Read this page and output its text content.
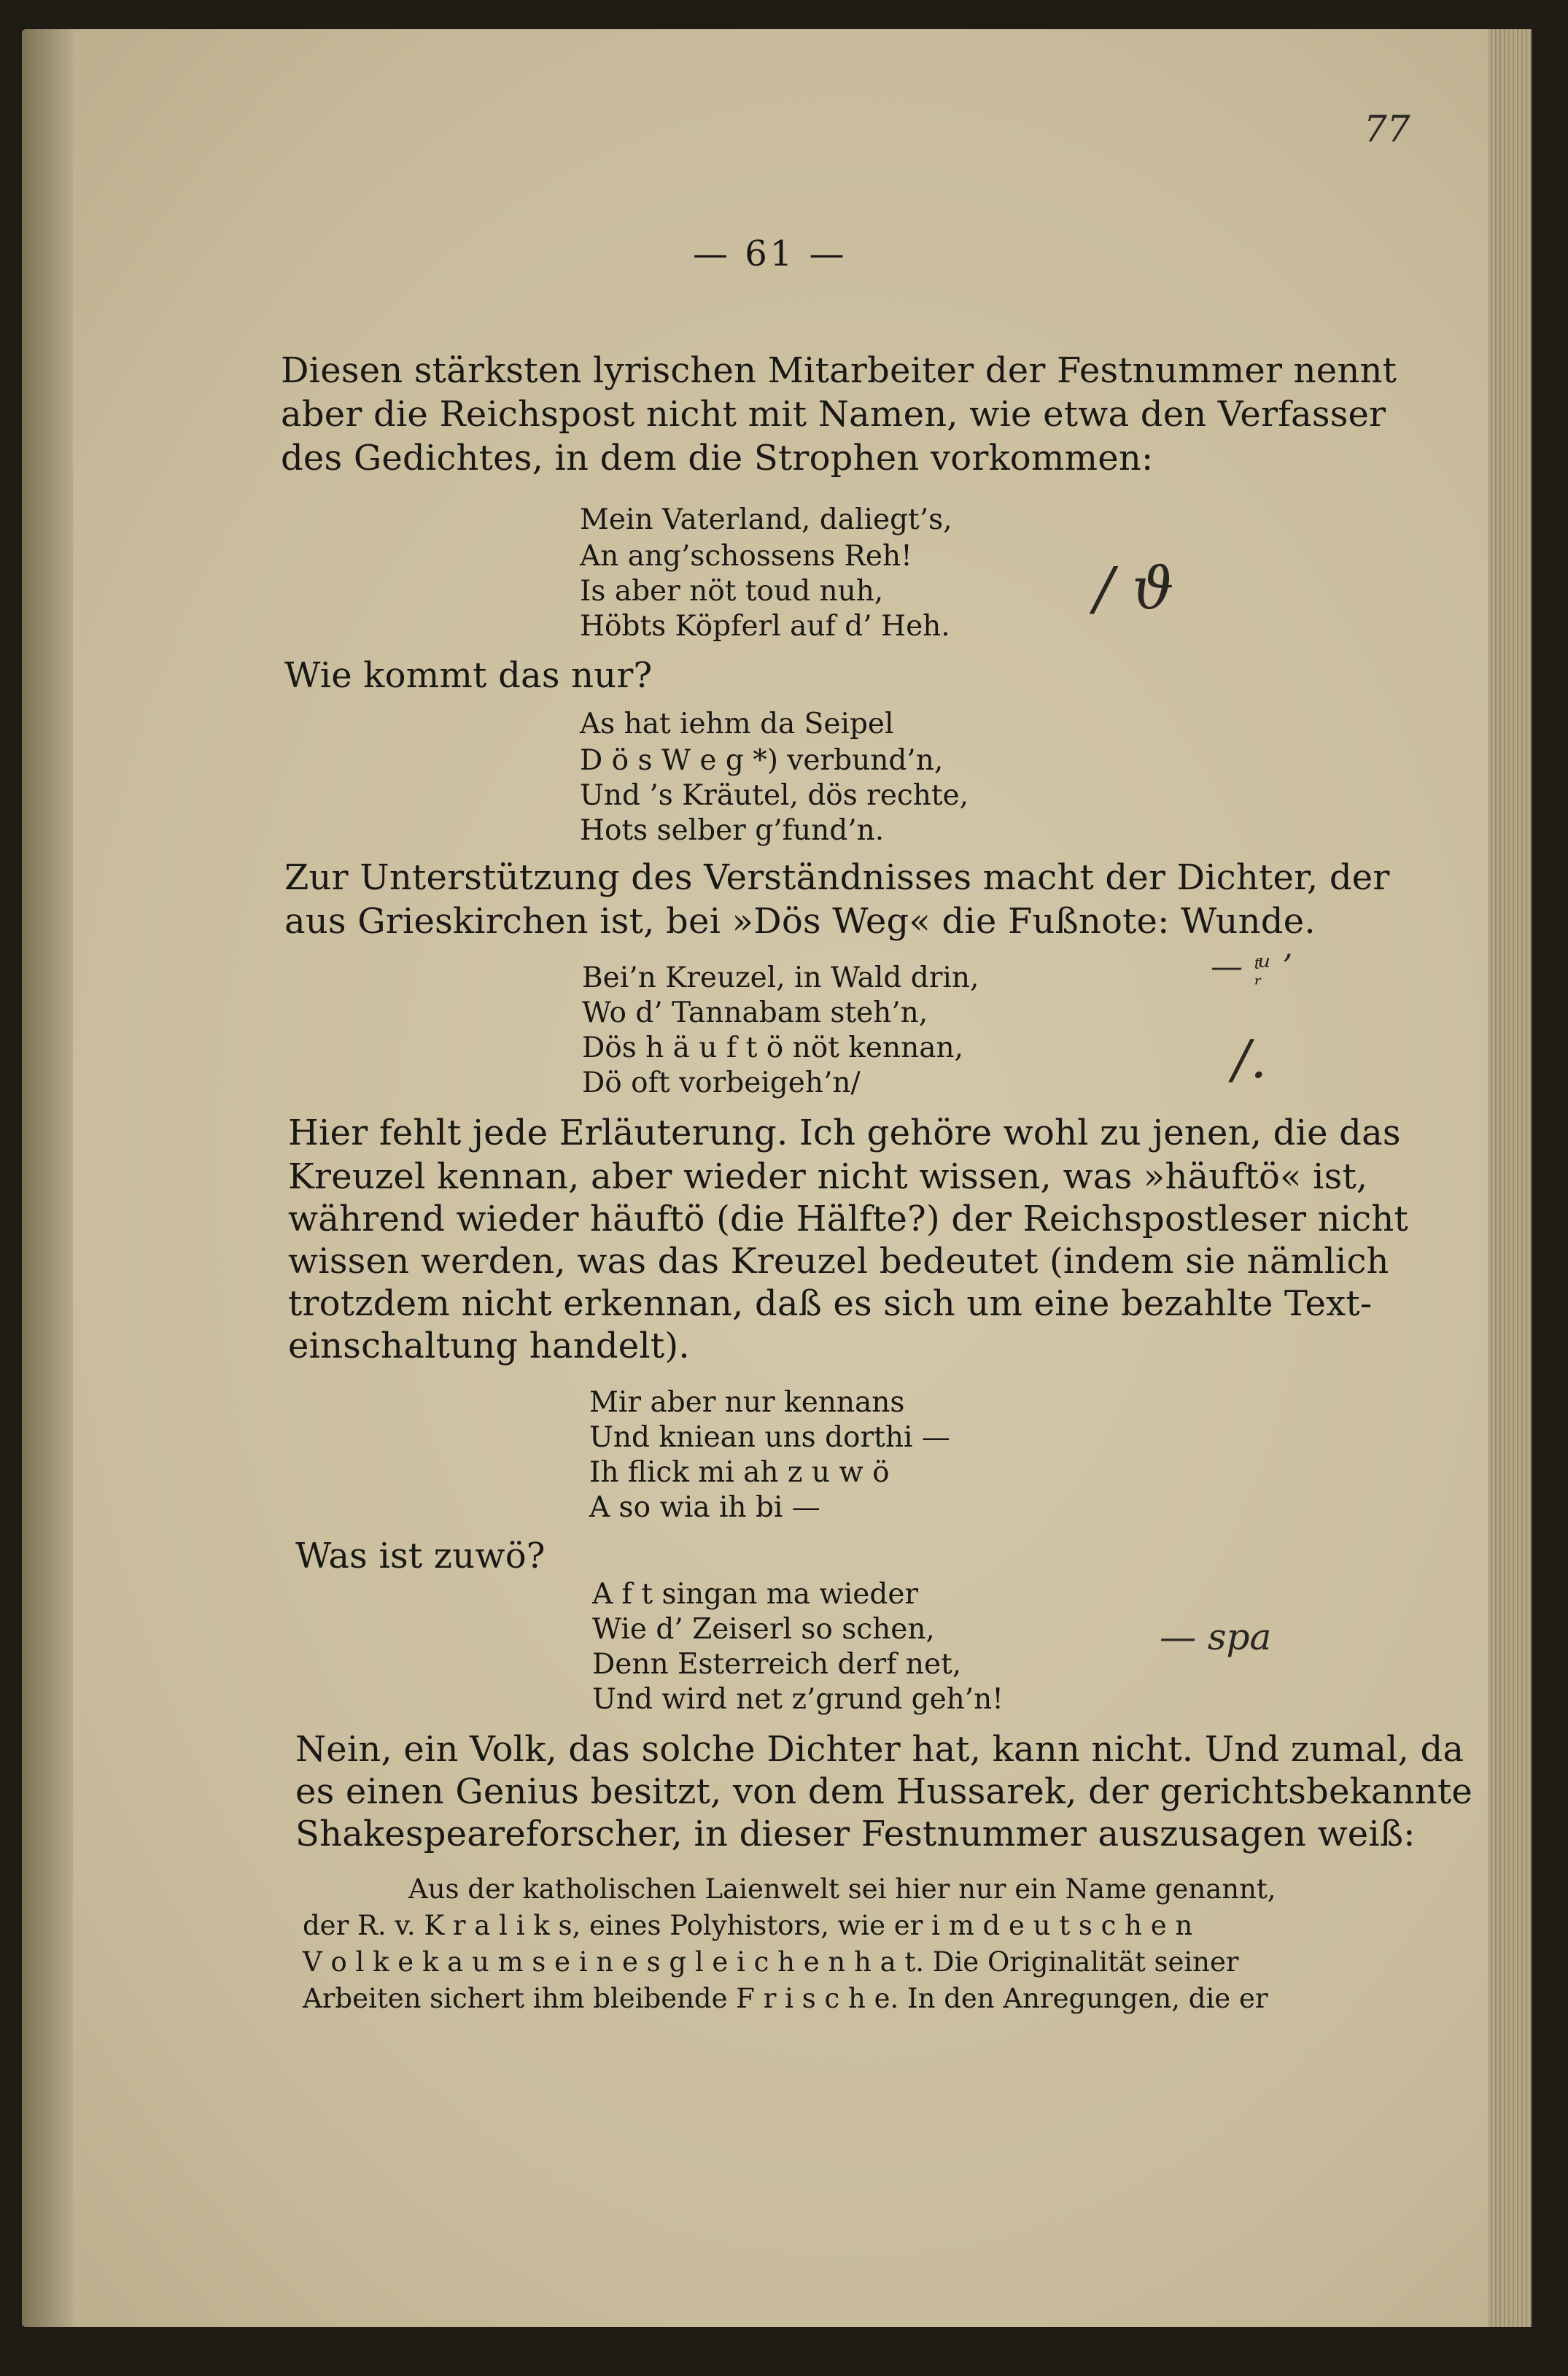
77
— 61 —
Diesen stärksten lyrischen Mitarbeiter der Festnummer nennt
aber die Reichspost nicht mit Namen, wie etwa den Verfasser
des Gedichtes, in dem die Strophen vorkommen:
Mein Vaterland, daliegt’s,
An ang’schossens Reh!
Is aber nöt toud nuh,
Höbts Köpferl auf d’ Heh.
/ ϑ
Wie kommt das nur?
As hat iehm da Seipel
D ö s W e g *) verbund’n,
Und ’s Kräutel, dös rechte,
Hots selber g’fund’n.
Zur Unterstützung des Verständnisses macht der Dichter, der
aus Grieskirchen ist, bei »Dös Weg« die Fußnote: Wunde.
Bei’n Kreuzel, in Wald drin,
Wo d’ Tannabam steh’n,
Dös h ä u f t ö nöt kennan,
Dö oft vorbeigeh’n/
— ᵗ᷊ᵘ ʼ
/.
Hier fehlt jede Erläuterung. Ich gehöre wohl zu jenen, die das
Kreuzel kennan, aber wieder nicht wissen, was »häuftö« ist,
während wieder häuftö (die Hälfte?) der Reichspostleser nicht
wissen werden, was das Kreuzel bedeutet (indem sie nämlich
trotzdem nicht erkennan, daß es sich um eine bezahlte Text-
einschaltung handelt).
Mir aber nur kennans
Und kniean uns dorthi —
Ih flick mi ah z u w ö
A so wia ih bi —
Was ist zuwö?
A f t singan ma wieder
Wie d’ Zeiserl so schen,
Denn Esterreich derf net,
Und wird net z’grund geh’n!
— spa
Nein, ein Volk, das solche Dichter hat, kann nicht. Und zumal, da
es einen Genius besitzt, von dem Hussarek, der gerichtsbekannte
Shakespeareforscher, in dieser Festnummer auszusagen weiß:
Aus der katholischen Laienwelt sei hier nur ein Name genannt,
der R. v. K r a l i k s, eines Polyhistors, wie er i m d e u t s c h e n
V o l k e k a u m s e i n e s g l e i c h e n h a t. Die Originalität seiner
Arbeiten sichert ihm bleibende F r i s c h e. In den Anregungen, die er
